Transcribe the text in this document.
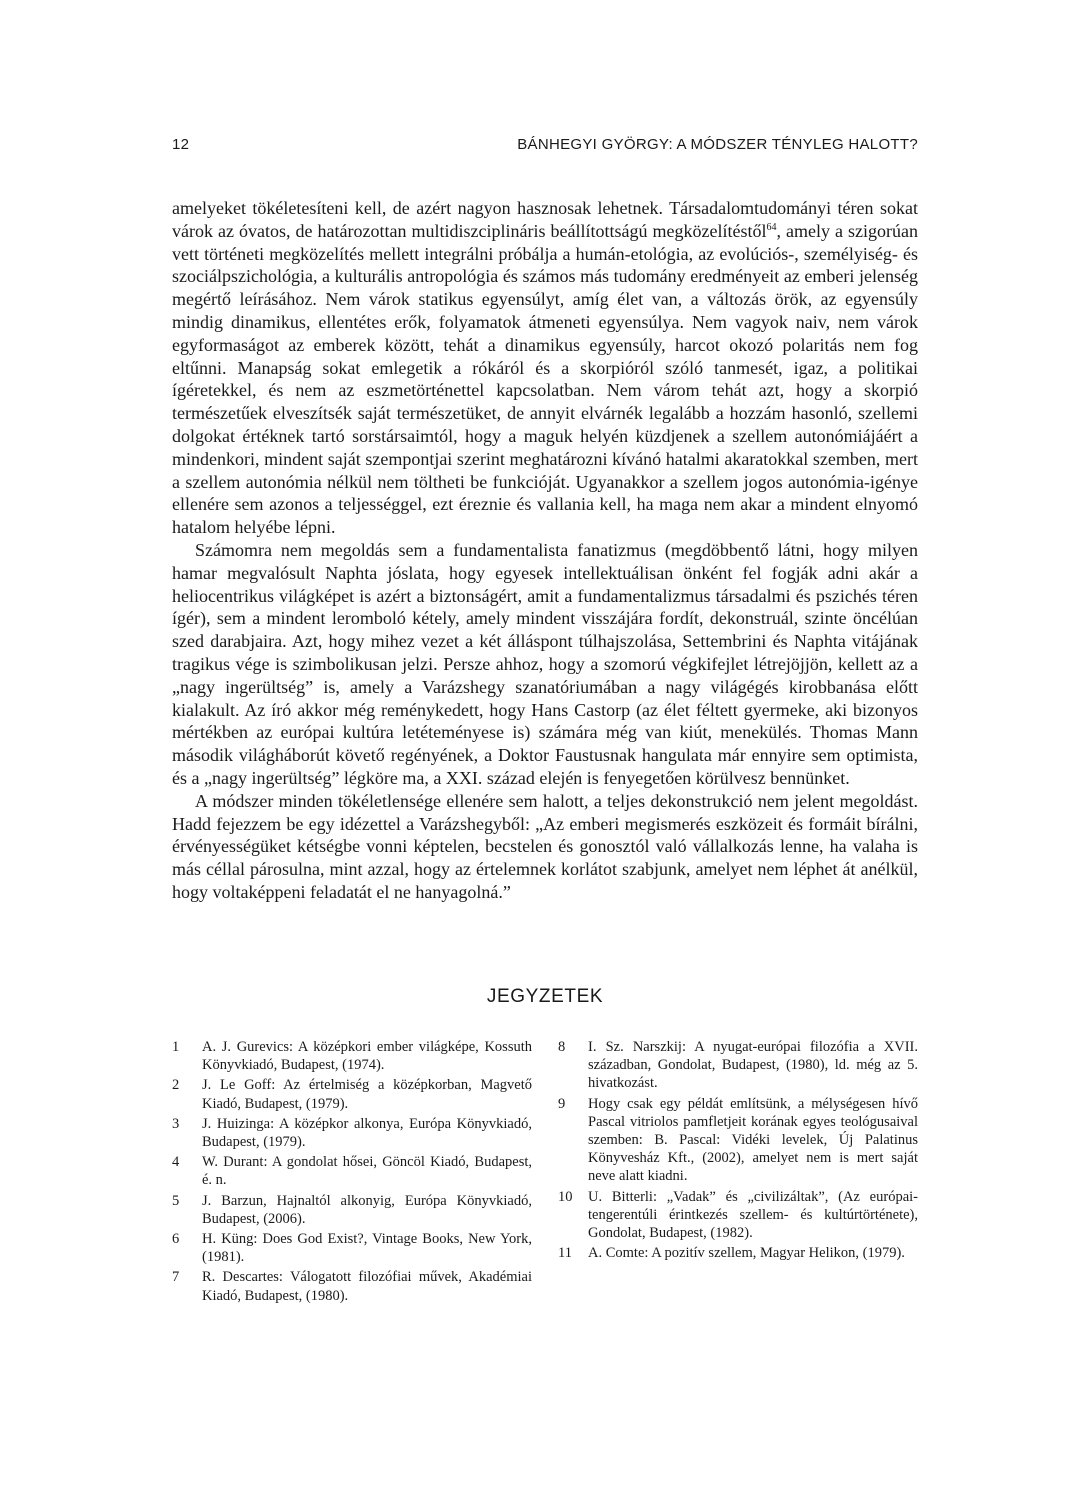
12	BÁNHEGYI GYÖRGY: A MÓDSZER TÉNYLEG HALOTT?

amelyeket tökéletesíteni kell, de azért nagyon hasznosak lehetnek. Társadalomtudományi téren sokat várok az óvatos, de határozottan multidiszciplináris beállítottságú megközelítéstől$^{64}$, amely a szigorúan vett történeti megközelítés mellett integrálni próbálja a humán-etológia, az evolúciós-, személyiség- és szociálpszichológia, a kulturális antropológia és számos más tudomány eredményeit az emberi jelenség megértő leírásához. Nem várok statikus egyensúlyt, amíg élet van, a változás örök, az egyensúly mindig dinamikus, ellentétes erők, folyamatok átmeneti egyensúlya. Nem vagyok naiv, nem várok egyformaságot az emberek között, tehát a dinamikus egyensúly, harcot okozó polaritás nem fog eltűnni. Manapság sokat emlegetik a rókáról és a skorpióról szóló tanmesét, igaz, a politikai ígéretekkel, és nem az eszmetörténettel kapcsolatban. Nem várom tehát azt, hogy a skorpió természetűek elveszítsék saját természetüket, de annyit elvárnék legalább a hozzám hasonló, szellemi dolgokat értéknek tartó sorstársaimtól, hogy a maguk helyén küzdjenek a szellem autonómiájáért a mindenkori, mindent saját szempontjai szerint meghatározni kívánó hatalmi akaratokkal szemben, mert a szellem autonómia nélkül nem töltheti be funkcióját. Ugyanakkor a szellem jogos autonómia-igénye ellenére sem azonos a teljességgel, ezt éreznie és vallania kell, ha maga nem akar a mindent elnyomó hatalom helyébe lépni.

Számomra nem megoldás sem a fundamentalista fanatizmus (megdöbbentő látni, hogy milyen hamar megvalósult Naphta jóslata, hogy egyesek intellektuálisan önként fel fogják adni akár a heliocentrikus világképet is azért a biztonságért, amit a fundamentalizmus társadalmi és pszichés téren ígér), sem a mindent leromboló kétely, amely mindent visszájára fordít, dekonstruál, szinte öncélúan szed darabjaira. Azt, hogy mihez vezet a két álláspont túlhajszolása, Settembrini és Naphta vitájának tragikus vége is szimbolikusan jelzi. Persze ahhoz, hogy a szomorú végkifejlet létrejöjjön, kellett az a „nagy ingerültség” is, amely a Varázshegy szanatóriumában a nagy világégés kirobbanása előtt kialakult. Az író akkor még reménykedett, hogy Hans Castorp (az élet féltett gyermeke, aki bizonyos mértékben az európai kultúra letéteményese is) számára még van kiút, menekülés. Thomas Mann második világháborút követő regényének, a Doktor Faustusnak hangulata már ennyire sem optimista, és a „nagy ingerültség” légköre ma, a XXI. század elején is fenyegetően körülvesz bennünket.

A módszer minden tökéletlensége ellenére sem halott, a teljes dekonstrukció nem jelent megoldást. Hadd fejezzem be egy idézettel a Varázshegyből: „Az emberi megismerés eszközeit és formáit bírálni, érvényességüket kétségbe vonni képtelen, becstelen és gonosztól való vállalkozás lenne, ha valaha is más céllal párosulna, mint azzal, hogy az értelemnek korlátot szabjunk, amelyet nem léphet át anélkül, hogy voltaképpeni feladatát el ne hanyagolná.”

JEGYZETEK
1 A. J. Gurevics: A középkori ember világképe, Kossuth Könyvkiadó, Budapest, (1974).
2 J. Le Goff: Az értelmiség a középkorban, Magvető Kiadó, Budapest, (1979).
3 J. Huizinga: A középkor alkonya, Európa Könyvkiadó, Budapest, (1979).
4 W. Durant: A gondolat hősei, Göncöl Kiadó, Budapest, é. n.
5 J. Barzun, Hajnaltól alkonyig, Európa Könyvkiadó, Budapest, (2006).
6 H. Küng: Does God Exist?, Vintage Books, New York, (1981).
7 R. Descartes: Válogatott filozófiai művek, Akadémiai Kiadó, Budapest, (1980).
8 I. Sz. Narszkij: A nyugat-európai filozófia a XVII. században, Gondolat, Budapest, (1980), ld. még az 5. hivatkozást.
9 Hogy csak egy példát említsünk, a mélységesen hívő Pascal vitriolos pamfletjeit korának egyes teológusaival szemben: B. Pascal: Vidéki levelek, Új Palatinus Könyvesház Kft., (2002), amelyet nem is mert saját neve alatt kiadni.
10 U. Bitterli: „Vadak” és „civilizáltak”, (Az európai-tengerentúli érintkezés szellem- és kultúrtörténete), Gondolat, Budapest, (1982).
11 A. Comte: A pozitív szellem, Magyar Helikon, (1979).
